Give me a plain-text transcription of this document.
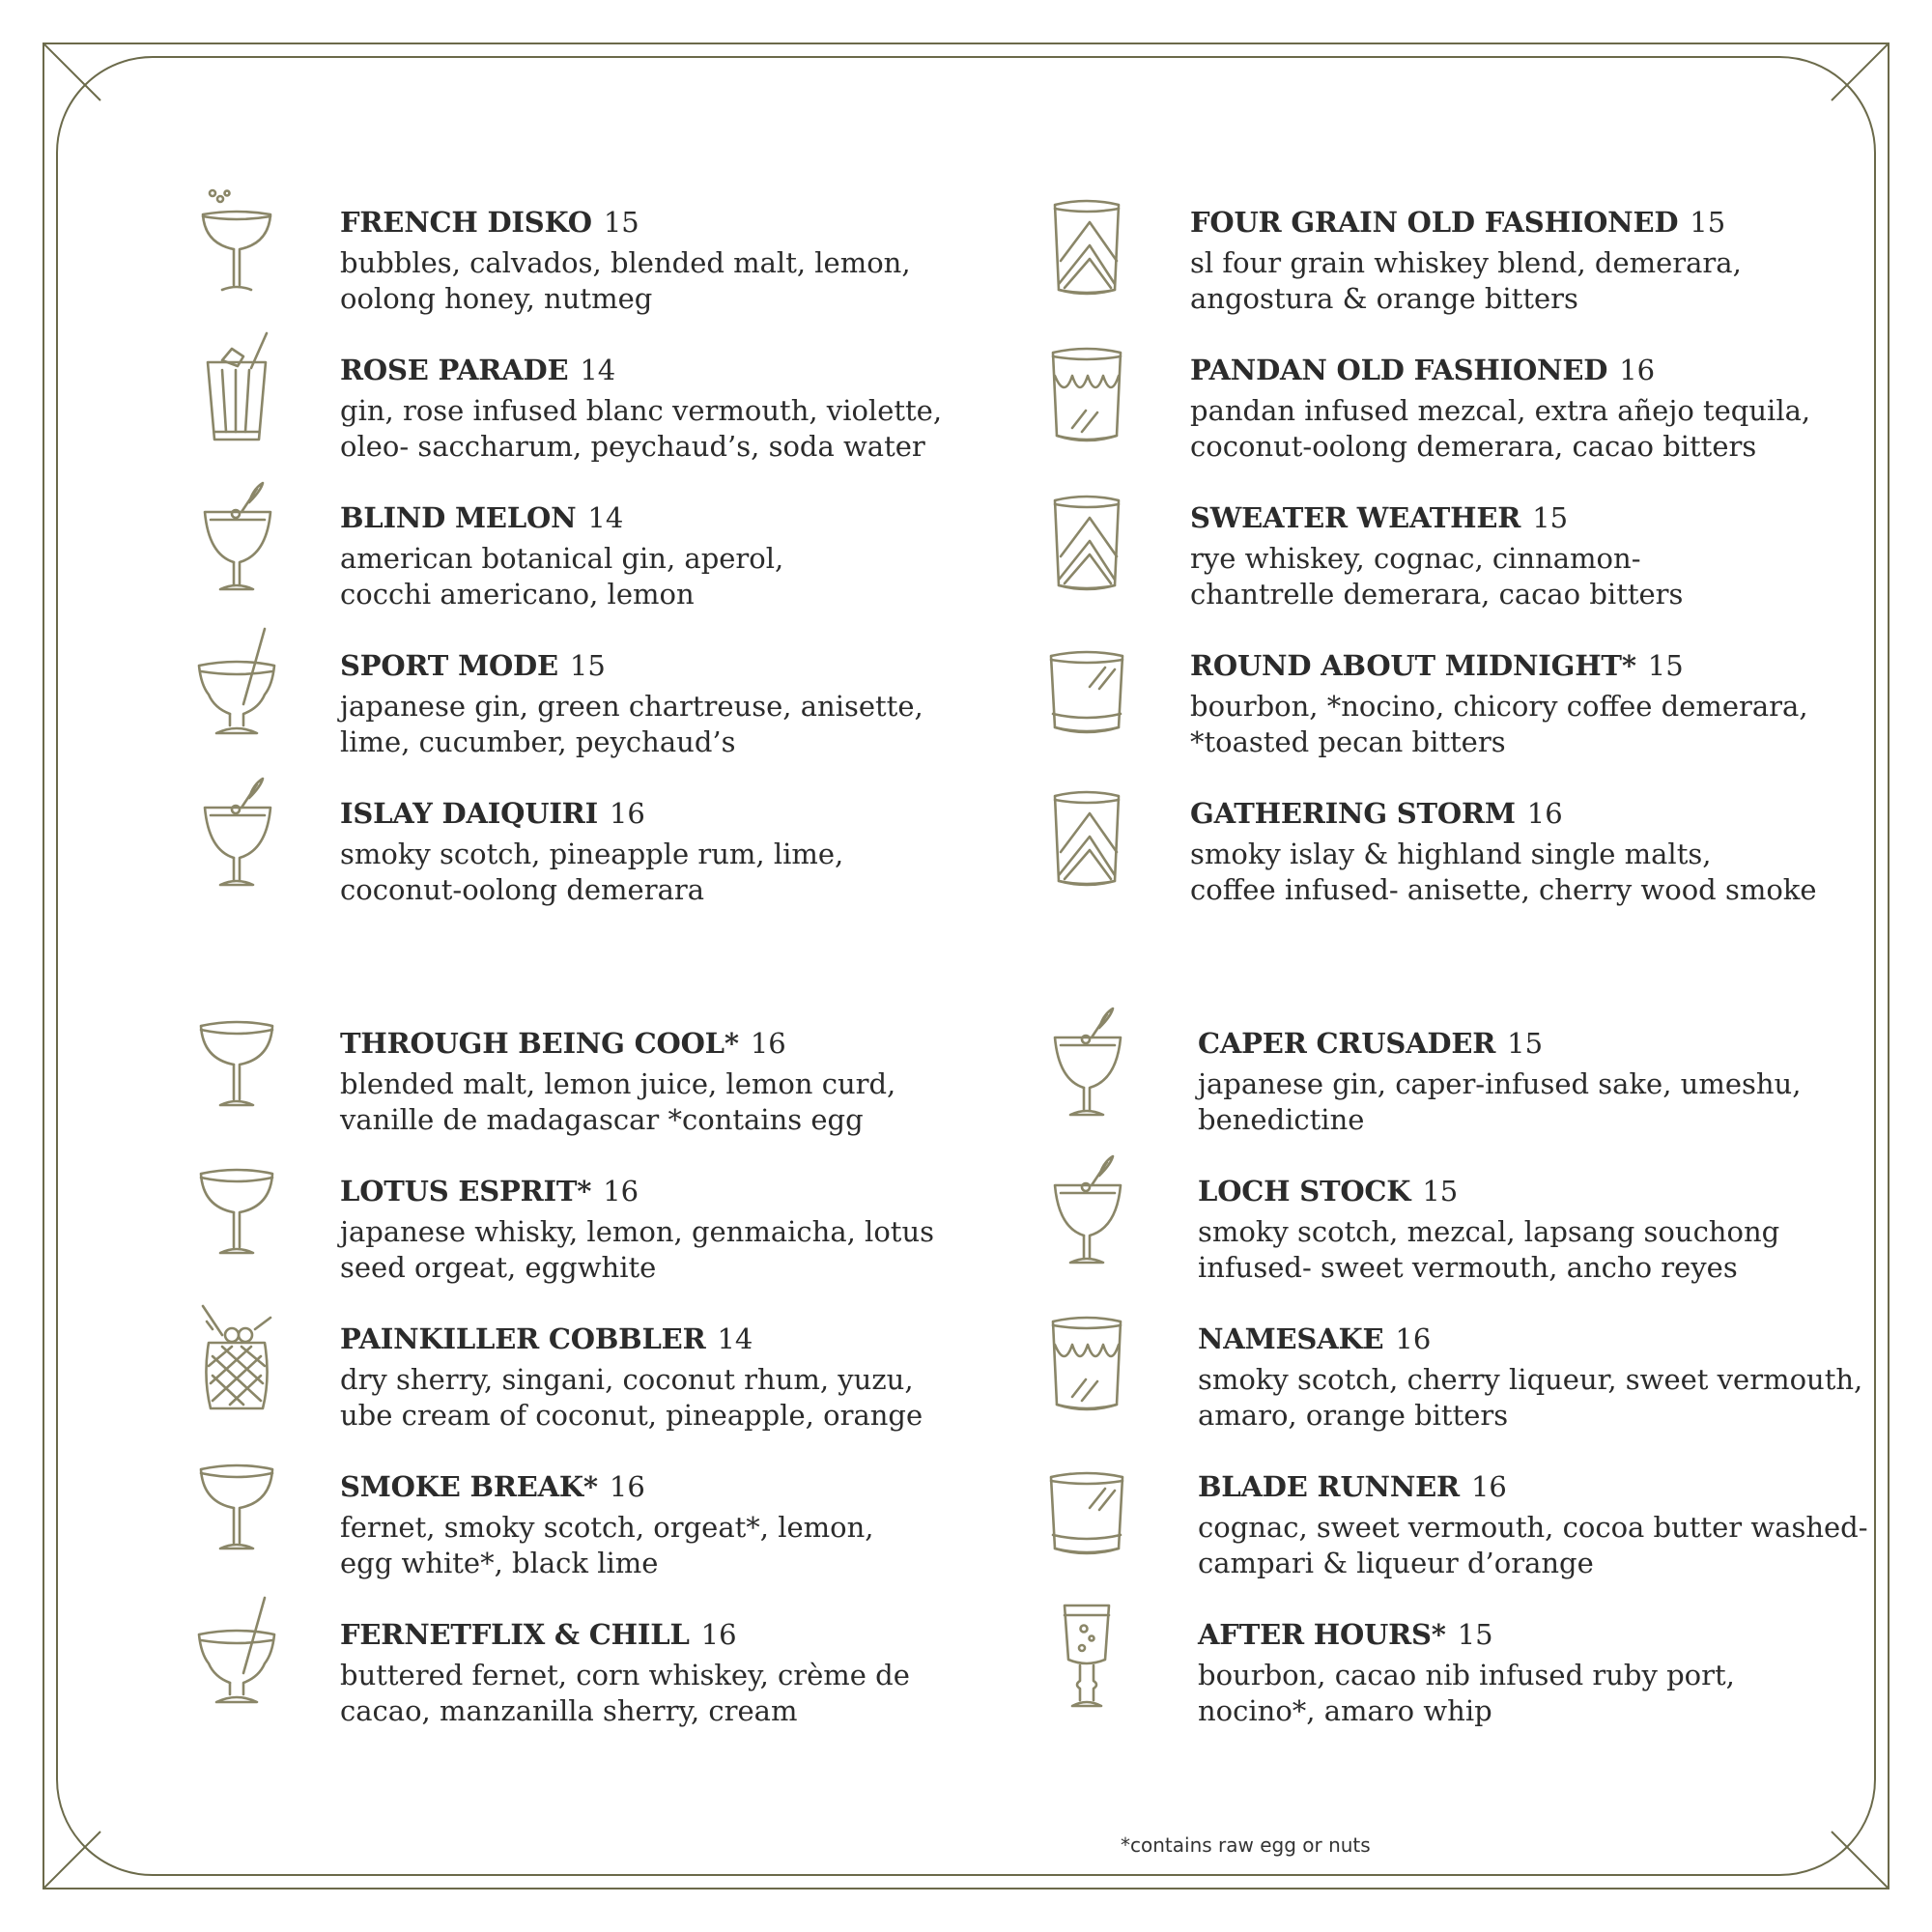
FRENCH DISKO 15
bubbles, calvados, blended malt, lemon,
oolong honey, nutmeg
ROSE PARADE 14
gin, rose infused blanc vermouth, violette,
oleo- saccharum, peychaud’s, soda water
BLIND MELON 14
american botanical gin, aperol,
cocchi americano, lemon
SPORT MODE 15
japanese gin, green chartreuse, anisette,
lime, cucumber, peychaud’s
ISLAY DAIQUIRI 16
smoky scotch, pineapple rum, lime,
coconut-oolong demerara
FOUR GRAIN OLD FASHIONED 15
sl four grain whiskey blend, demerara,
angostura & orange bitters
PANDAN OLD FASHIONED 16
pandan infused mezcal, extra añejo tequila,
coconut-oolong demerara, cacao bitters
SWEATER WEATHER 15
rye whiskey, cognac, cinnamon-
chantrelle demerara, cacao bitters
ROUND ABOUT MIDNIGHT* 15
bourbon, *nocino, chicory coffee demerara,
*toasted pecan bitters
GATHERING STORM 16
smoky islay & highland single malts,
coffee infused- anisette, cherry wood smoke
THROUGH BEING COOL* 16
blended malt, lemon juice, lemon curd,
vanille de madagascar *contains egg
LOTUS ESPRIT* 16
japanese whisky, lemon, genmaicha, lotus
seed orgeat, eggwhite
PAINKILLER COBBLER 14
dry sherry, singani, coconut rhum, yuzu,
ube cream of coconut, pineapple, orange
SMOKE BREAK* 16
fernet, smoky scotch, orgeat*, lemon,
egg white*, black lime
FERNETFLIX & CHILL 16
buttered fernet, corn whiskey, crème de
cacao, manzanilla sherry, cream
CAPER CRUSADER 15
japanese gin, caper-infused sake, umeshu,
benedictine
LOCH STOCK 15
smoky scotch, mezcal, lapsang souchong
infused- sweet vermouth, ancho reyes
NAMESAKE 16
smoky scotch, cherry liqueur, sweet vermouth,
amaro, orange bitters
BLADE RUNNER 16
cognac, sweet vermouth, cocoa butter washed-
campari & liqueur d’orange
AFTER HOURS* 15
bourbon, cacao nib infused ruby port,
nocino*, amaro whip
*contains raw egg or nuts
